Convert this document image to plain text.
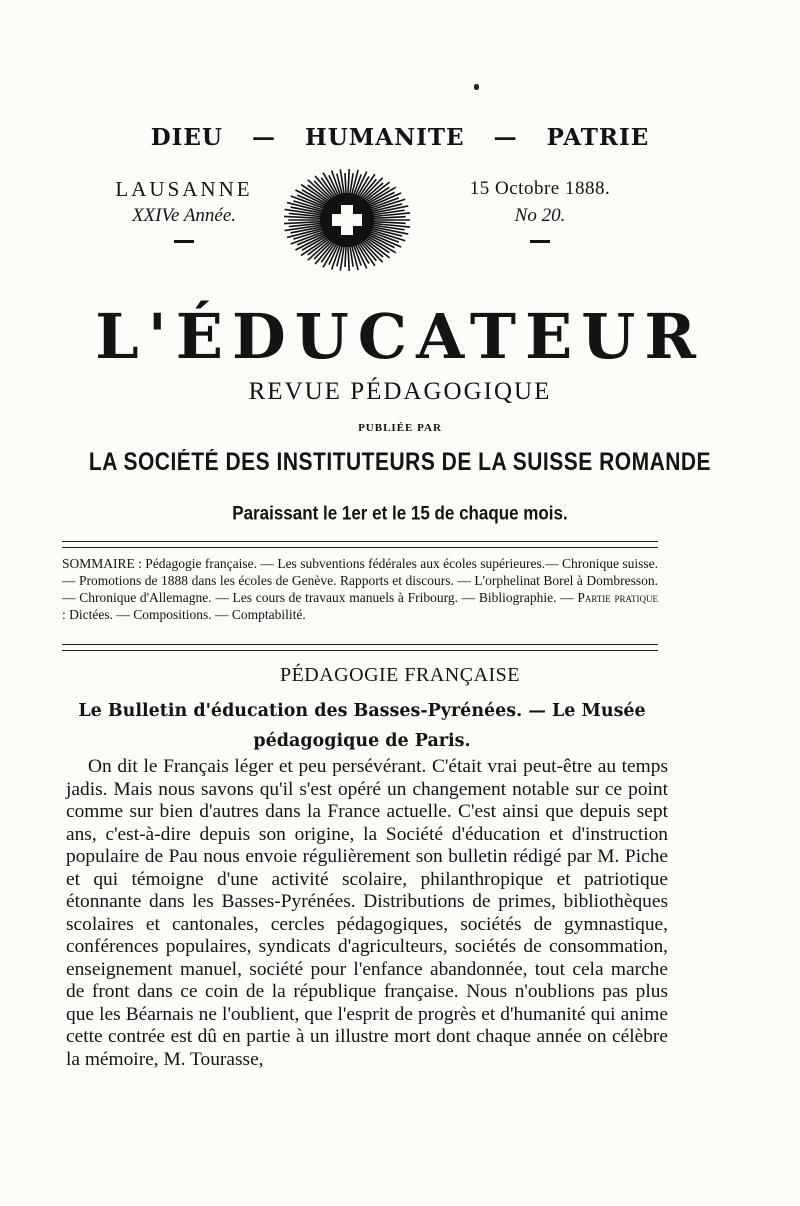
DIEU — HUMANITE — PATRIE
LAUSANNE
XXIVe Année.
15 Octobre 1888.
No 20.
L'ÉDUCATEUR
REVUE PÉDAGOGIQUE
PUBLIÉE PAR
LA SOCIÉTÉ DES INSTITUTEURS DE LA SUISSE ROMANDE
Paraissant le 1er et le 15 de chaque mois.
SOMMAIRE : Pédagogie française. — Les subventions fédérales aux écoles supérieures.— Chronique suisse. — Promotions de 1888 dans les écoles de Genève. Rapports et discours. — L'orphelinat Borel à Dombresson. — Chronique d'Allemagne. — Les cours de travaux manuels à Fribourg. — Bibliographie. — Partie pratique : Dictées. — Compositions. — Comptabilité.
PÉDAGOGIE FRANÇAISE
Le Bulletin d'éducation des Basses-Pyrénées. — Le Musée pédagogique de Paris.
On dit le Français léger et peu persévérant. C'était vrai peut-être au temps jadis. Mais nous savons qu'il s'est opéré un changement notable sur ce point comme sur bien d'autres dans la France actuelle. C'est ainsi que depuis sept ans, c'est-à-dire depuis son origine, la Société d'éducation et d'instruction populaire de Pau nous envoie régulièrement son bulletin rédigé par M. Piche et qui témoigne d'une activité scolaire, philanthropique et patriotique étonnante dans les Basses-Pyrénées. Distributions de primes, bibliothèques scolaires et cantonales, cercles pédagogiques, sociétés de gymnastique, conférences populaires, syndicats d'agriculteurs, sociétés de consommation, enseignement manuel, société pour l'enfance abandonnée, tout cela marche de front dans ce coin de la république française. Nous n'oublions pas plus que les Béarnais ne l'oublient, que l'esprit de progrès et d'humanité qui anime cette contrée est dû en partie à un illustre mort dont chaque année on célèbre la mémoire, M. Tourasse,
